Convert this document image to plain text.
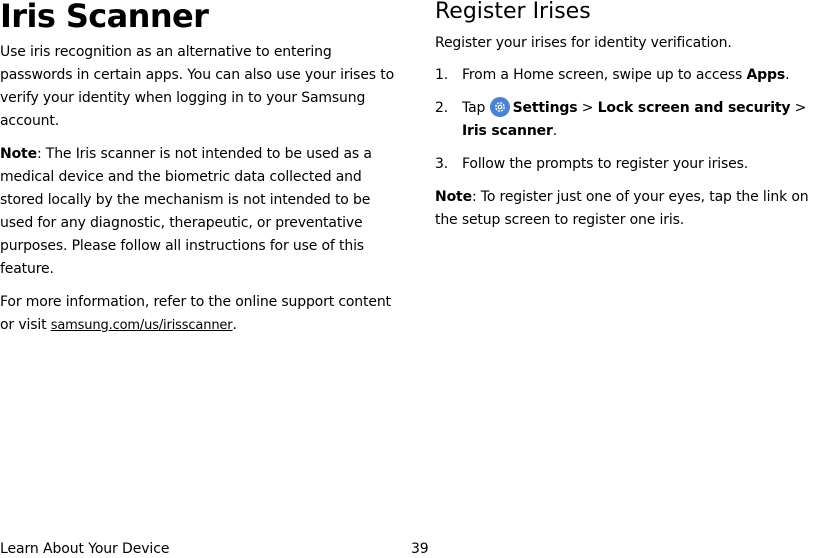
Iris Scanner

Use iris recognition as an alternative to entering passwords in certain apps. You can also use your irises to verify your identity when logging in to your Samsung account.

Note: The Iris scanner is not intended to be used as a medical device and the biometric data collected and stored locally by the mechanism is not intended to be used for any diagnostic, therapeutic, or preventative purposes. Please follow all instructions for use of this feature.

For more information, refer to the online support content or visit samsung.com/us/irisscanner.

Register Irises

Register your irises for identity verification.

1. From a Home screen, swipe up to access Apps.
2. Tap
Settings > Lock screen and security > Iris scanner.
3. Follow the prompts to register your irises.

Note: To register just one of your eyes, tap the link on the setup screen to register one iris.

Learn About Your Device	39
